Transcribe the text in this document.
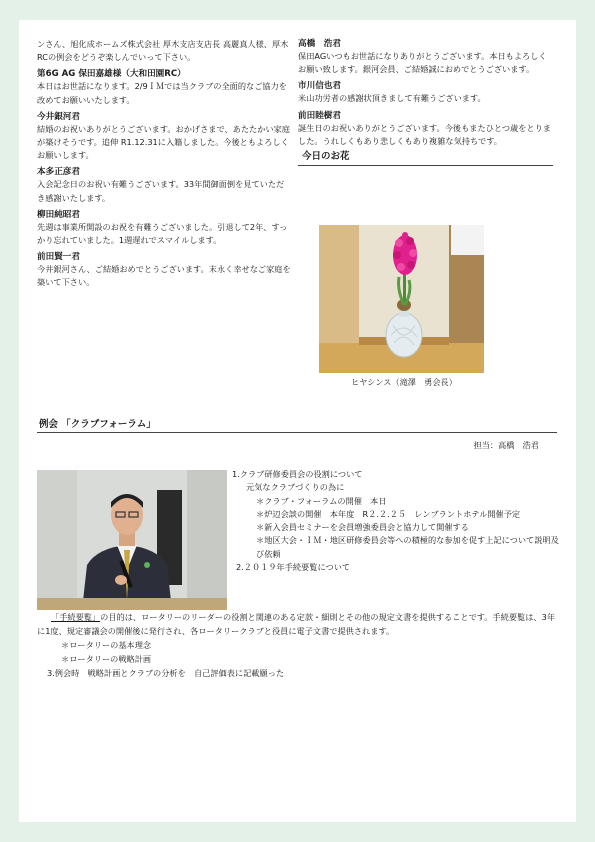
ンさん、旭化成ホームズ株式会社 厚木支店支店長 高麗真人様、厚木RCの例会をどうぞ楽しんでいって下さい。

第6G AG 保田嘉雄様（大和田園RC）

本日はお世話になります。2/9ＩＭでは当クラブの全面的なご協力を改めてお願いいたします。

今井銀河君

結婚のお祝いありがとうございます。おかげさまで、あたたかい家庭が築けそうです。追伸 R1.12.31に入籍しました。今後ともよろしくお願いします。

本多正彦君

入会記念日のお祝い有難うございます。33年間御面倒を見ていただき感謝いたします。

柳田純昭君

先週は事業所開設のお祝を有難うございました。引退して2年、すっかり忘れていました。1週遅れでスマイルします。

前田賢一君

今井銀河さん、ご結婚おめでとうございます。末永く幸せなご家庭を築いて下さい。

高橋　浩君

保田AGいつもお世話になりありがとうございます。本日もよろしくお願い致します。銀河会員、ご結婚誠におめでとうございます。

市川信也君

米山功労者の感謝状頂きまして有難うございます。

前田睦樹君

誕生日のお祝いありがとうございます。今後もまたひとつ歳をとりました。うれしくもあり悲しくもあり複雑な気持ちです。

今日のお花
ヒヤシンス（滝澤　勇会長）
例会 「クラブフォーラム」
担当：高橋　浩君

1.クラブ研修委員会の役割について

元気なクラブづくりの為に

＊クラブ・フォーラムの開催　本日

＊炉辺会談の開催　本年度　R２.２.２５　レンブラントホテル開催予定

＊新入会員セミナーを会員増強委員会と協力して開催する

＊地区大会・ＩＭ・地区研修委員会等への積極的な参加を促す上記について説明及び依頼

2.２０１９年手続要覧について

「手続要覧」の目的は、ロータリーのリーダーの役割と関連のある定款・細則とその他の規定文書を提供することです。手続要覧は、3年に1度、規定審議会の開催後に発行され、各ロータリークラブと役員に電子文書で提供されます。

＊ロータリーの基本理念

＊ロータリーの戦略計画

3.例会時　戦略計画とクラブの分析を　自己評価表に記載願った
